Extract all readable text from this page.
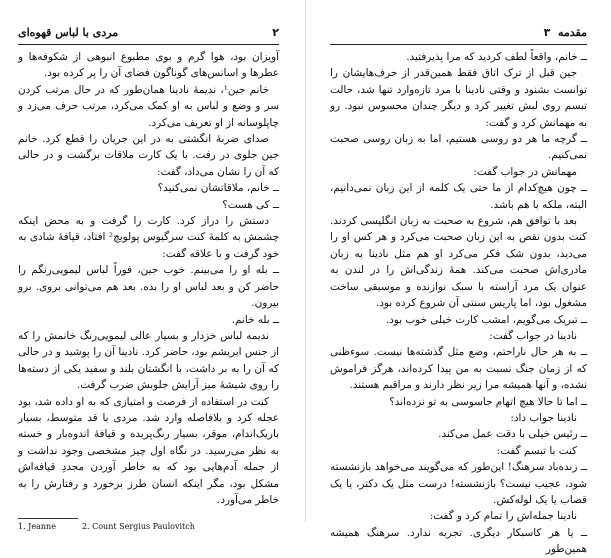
۲
مردی با لباس قهوه‌ای

آویزان بود، هوا گرم و بوی مطبوع انبوهی از شکوفه‌ها و عطرها و اسانس‌های گوناگون فضای آن را پر کرده بود.

خانم جین¹، ندیمهٔ نادینا همان‌طور که در حال مرتب کردن سر و وضع و لباس به او کمک می‌کرد، مرتب حرف می‌زد و چاپلوسانه از او تعریف می‌کرد.

صدای ضربهٔ انگشتی به در این جریان را قطع کرد. خانم جین جلوی در رفت. با یک کارت ملاقات برگشت و در حالی که آن را نشان می‌داد، گفت:

ــ خانم، ملاقاتشان نمی‌کنید؟

ــ کی هست؟

دستش را دراز کرد. کارت را گرفت و به محض اینکه چشمش به کلمهٔ کنت سرگیوس پولویچ² افتاد، قیافهٔ شادی به خود گرفت و با علاقه گفت:

ــ بله او را می‌بینم. خوب جین، فوراً لباس لیمویی‌رنگم را حاضر کن و بعد لباس او را بده. بعد هم می‌توانی بروی. برو بیرون.

ــ بله خانم.

ندیمه لباس خزدار و بسیار عالی لیمویی‌رنگ خانمش را که از جنس ابریشم بود، حاضر کرد. نادینا آن را پوشید و در حالی که آن را به بر داشت، با انگشتان بلند و سفید یکی از دسته‌ها را روی شیشهٔ میز آرایش جلوبش ضرب گرفت.

کنت در استفاده از فرصت و امتیازی که به او داده شد، بود عجله کرد و بلافاصله وارد شد. مردی با قد متوسط، بسیار باریک‌اندام، موقر، بسیار رنگ‌پریده و قیافهٔ اندوه‌بار و خسته به نظر می‌رسید. در نگاه اول چیز مشخصی وجود نداشت و از جمله آدم‌هایی بود که به خاطر آوردن مجددِ قیافه‌اش مشکل بود، مگر اینکه انسان طرز برخورد و رفتارش را به خاطر می‌آورد.

1. Jeanne	2. Count Sergius Paulovitch
مقدمه  ۳

ــ خانم، واقعاً لطف کردید که مرا پذیرفتید.

جین قبل از ترک اتاق فقط همین‌قدر از حرف‌هایشان را توانست بشنود و وقتی نادینا با مرد تازه‌وارد تنها شد، حالت تبسم روی لبش تغییر کرد و دیگر چندان محسوس نبود. رو به مهمانش کرد و گفت:

ــ گرچه ما هر دو روسی هستیم، اما به زبان روسی صحبت نمی‌کنیم.

مهمانش در جواب گفت:

ــ چون هیچ‌کدام از ما حتی یک کلمه از این زبان نمی‌دانیم، البته، ملکه با هم باشد.

بعد با توافق هم، شروع به صحبت به زبان انگلیسی کردند. کنت بدون نقص به این زبان صحبت می‌کرد و هر کس او را می‌دید، بدون شک فکر می‌کرد او هم مثل نادینا به زبان مادری‌اش صحبت می‌کند. همهٔ زندگی‌اش را در لندن به عنوان یک مرد آراسته با سبک نوازنده و موسیقی ساخت مشغول بود، اما پاریس سنتی آن شروع کرده بود.

ــ تبریک می‌گویم، امشب کارت خیلی خوب بود.

نادینا در جواب گفت:

ــ به هر حال ناراحتم، وضع مثل گذشته‌ها نیست. سوءظنی که از زمان جنگ نسبت به من پیدا کرده‌اند، هرگز فراموش نشده، و آنها همیشه مرا زیر نظر دارند و مراقبم هستند.

ــ اما تا حالا هیچ اتهام جاسوسی به تو نزده‌اند؟

نادینا جواب داد:

ــ رئیس خیلی با دقت عمل می‌کند.

کنت با تبسم گفت:

ــ زنده‌باد سرهنگ! این‌طور که می‌گویند می‌خواهد بازنشسته شود، عجیب نیست؟ بازنشسته! درست مثل یک دکتر، یا یک قصاب یا یک لوله‌کش.

نادینا جمله‌اش را تمام کرد و گفت:

ــ یا هر کاسبکار دیگری. تجربه ندارد. سرهنگ همیشه همین‌طور
